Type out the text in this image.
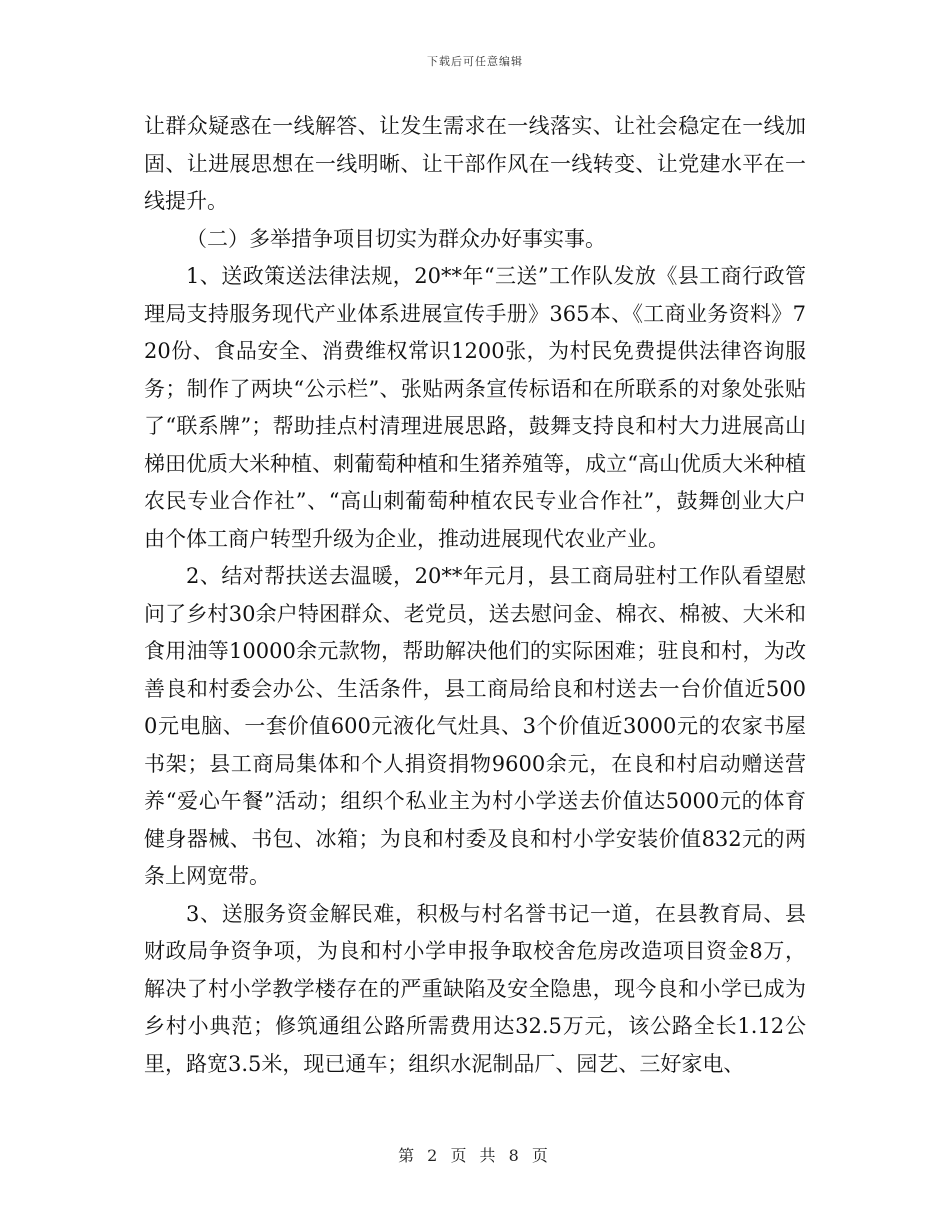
下载后可任意编辑

让群众疑惑在一线解答、让发生需求在一线落实、让社会稳定在一线加固、让进展思想在一线明晰、让干部作风在一线转变、让党建水平在一线提升。

（二）多举措争项目切实为群众办好事实事。

1、送政策送法律法规，20**年“三送”工作队发放《县工商行政管理局支持服务现代产业体系进展宣传手册》365本、《工商业务资料》720份、食品安全、消费维权常识1200张，为村民免费提供法律咨询服务；制作了两块“公示栏”、张贴两条宣传标语和在所联系的对象处张贴了“联系牌”；帮助挂点村清理进展思路，鼓舞支持良和村大力进展高山梯田优质大米种植、刺葡萄种植和生猪养殖等，成立“高山优质大米种植农民专业合作社”、“高山刺葡萄种植农民专业合作社”，鼓舞创业大户由个体工商户转型升级为企业，推动进展现代农业产业。

2、结对帮扶送去温暖，20**年元月，县工商局驻村工作队看望慰问了乡村30余户特困群众、老党员，送去慰问金、棉衣、棉被、大米和食用油等10000余元款物，帮助解决他们的实际困难；驻良和村，为改善良和村委会办公、生活条件，县工商局给良和村送去一台价值近5000元电脑、一套价值600元液化气灶具、3个价值近3000元的农家书屋书架；县工商局集体和个人捐资捐物9600余元，在良和村启动赠送营养“爱心午餐”活动；组织个私业主为村小学送去价值达5000元的体育健身器械、书包、冰箱；为良和村委及良和村小学安装价值832元的两条上网宽带。

3、送服务资金解民难，积极与村名誉书记一道，在县教育局、县财政局争资争项，为良和村小学申报争取校舍危房改造项目资金8万，解决了村小学教学楼存在的严重缺陷及安全隐患，现今良和小学已成为乡村小典范；修筑通组公路所需费用达32.5万元，该公路全长1.12公里，路宽3.5米，现已通车；组织水泥制品厂、园艺、三好家电、

第 2 页 共 8 页
